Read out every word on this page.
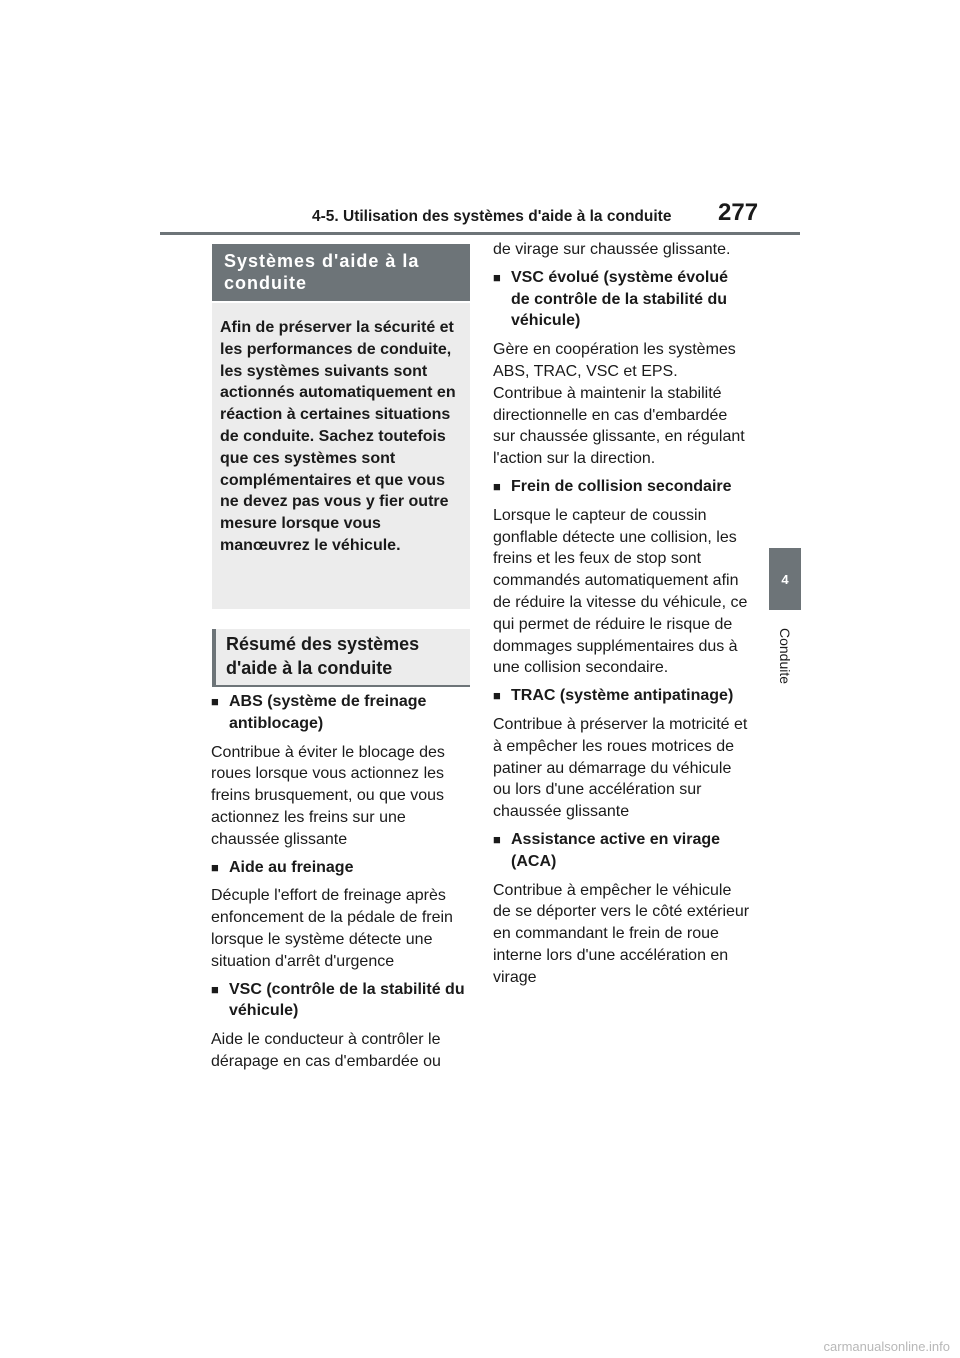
4-5. Utilisation des systèmes d'aide à la conduite 277
4
Conduite
Systèmes d'aide à la conduite
Afin de préserver la sécurité et les performances de conduite, les systèmes suivants sont actionnés automatiquement en réaction à certaines situations de conduite. Sachez toutefois que ces systèmes sont complémentaires et que vous ne devez pas vous y fier outre mesure lorsque vous manœuvrez le véhicule.
Résumé des systèmes d'aide à la conduite
■ ABS (système de freinage antiblocage)
Contribue à éviter le blocage des roues lorsque vous actionnez les freins brusquement, ou que vous actionnez les freins sur une chaussée glissante
■ Aide au freinage
Décuple l'effort de freinage après enfoncement de la pédale de frein lorsque le système détecte une situation d'arrêt d'urgence
■ VSC (contrôle de la stabilité du véhicule)
Aide le conducteur à contrôler le dérapage en cas d'embardée ou
de virage sur chaussée glissante.
■ VSC évolué (système évolué de contrôle de la stabilité du véhicule)
Gère en coopération les systèmes ABS, TRAC, VSC et EPS.
Contribue à maintenir la stabilité directionnelle en cas d'embardée sur chaussée glissante, en régulant l'action sur la direction.
■ Frein de collision secondaire
Lorsque le capteur de coussin gonflable détecte une collision, les freins et les feux de stop sont commandés automatiquement afin de réduire la vitesse du véhicule, ce qui permet de réduire le risque de dommages supplémentaires dus à une collision secondaire.
■ TRAC (système antipatinage)
Contribue à préserver la motricité et à empêcher les roues motrices de patiner au démarrage du véhicule ou lors d'une accélération sur chaussée glissante
■ Assistance active en virage (ACA)
Contribue à empêcher le véhicule de se déporter vers le côté extérieur en commandant le frein de roue interne lors d'une accélération en virage
carmanualsonline.info
